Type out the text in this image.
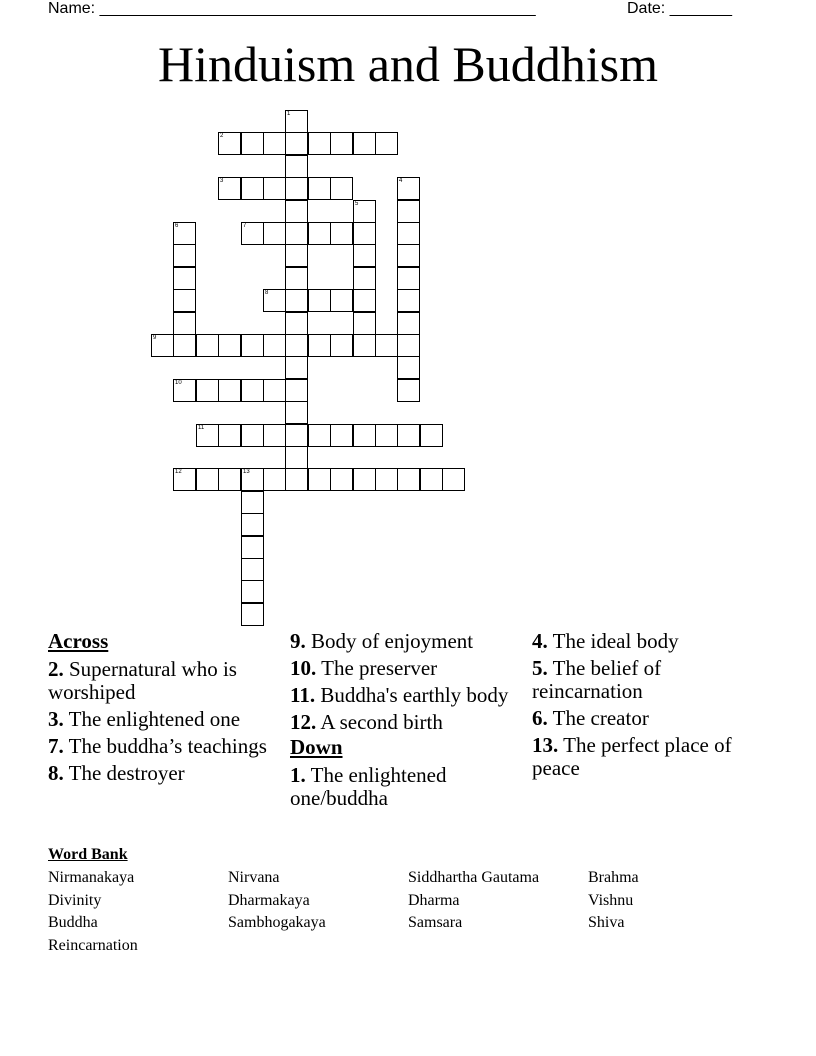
Name: _________________________________________________	Date: _______
Hinduism and Buddhism
1
2
3	4
5
6	7
8
9
10
11
12	13
Across
2. Supernatural who is worshiped
3. The enlightened one
7. The buddha’s teachings
8. The destroyer
9. Body of enjoyment
10. The preserver
11. Buddha's earthly body
12. A second birth
Down
1. The enlightened one/buddha
4. The ideal body
5. The belief of reincarnation
6. The creator
13. The perfect place of peace
Word Bank
Nirmanakaya	Nirvana	Siddhartha Gautama	Brahma
Divinity	Dharmakaya	Dharma	Vishnu
Buddha	Sambhogakaya	Samsara	Shiva
Reincarnation
